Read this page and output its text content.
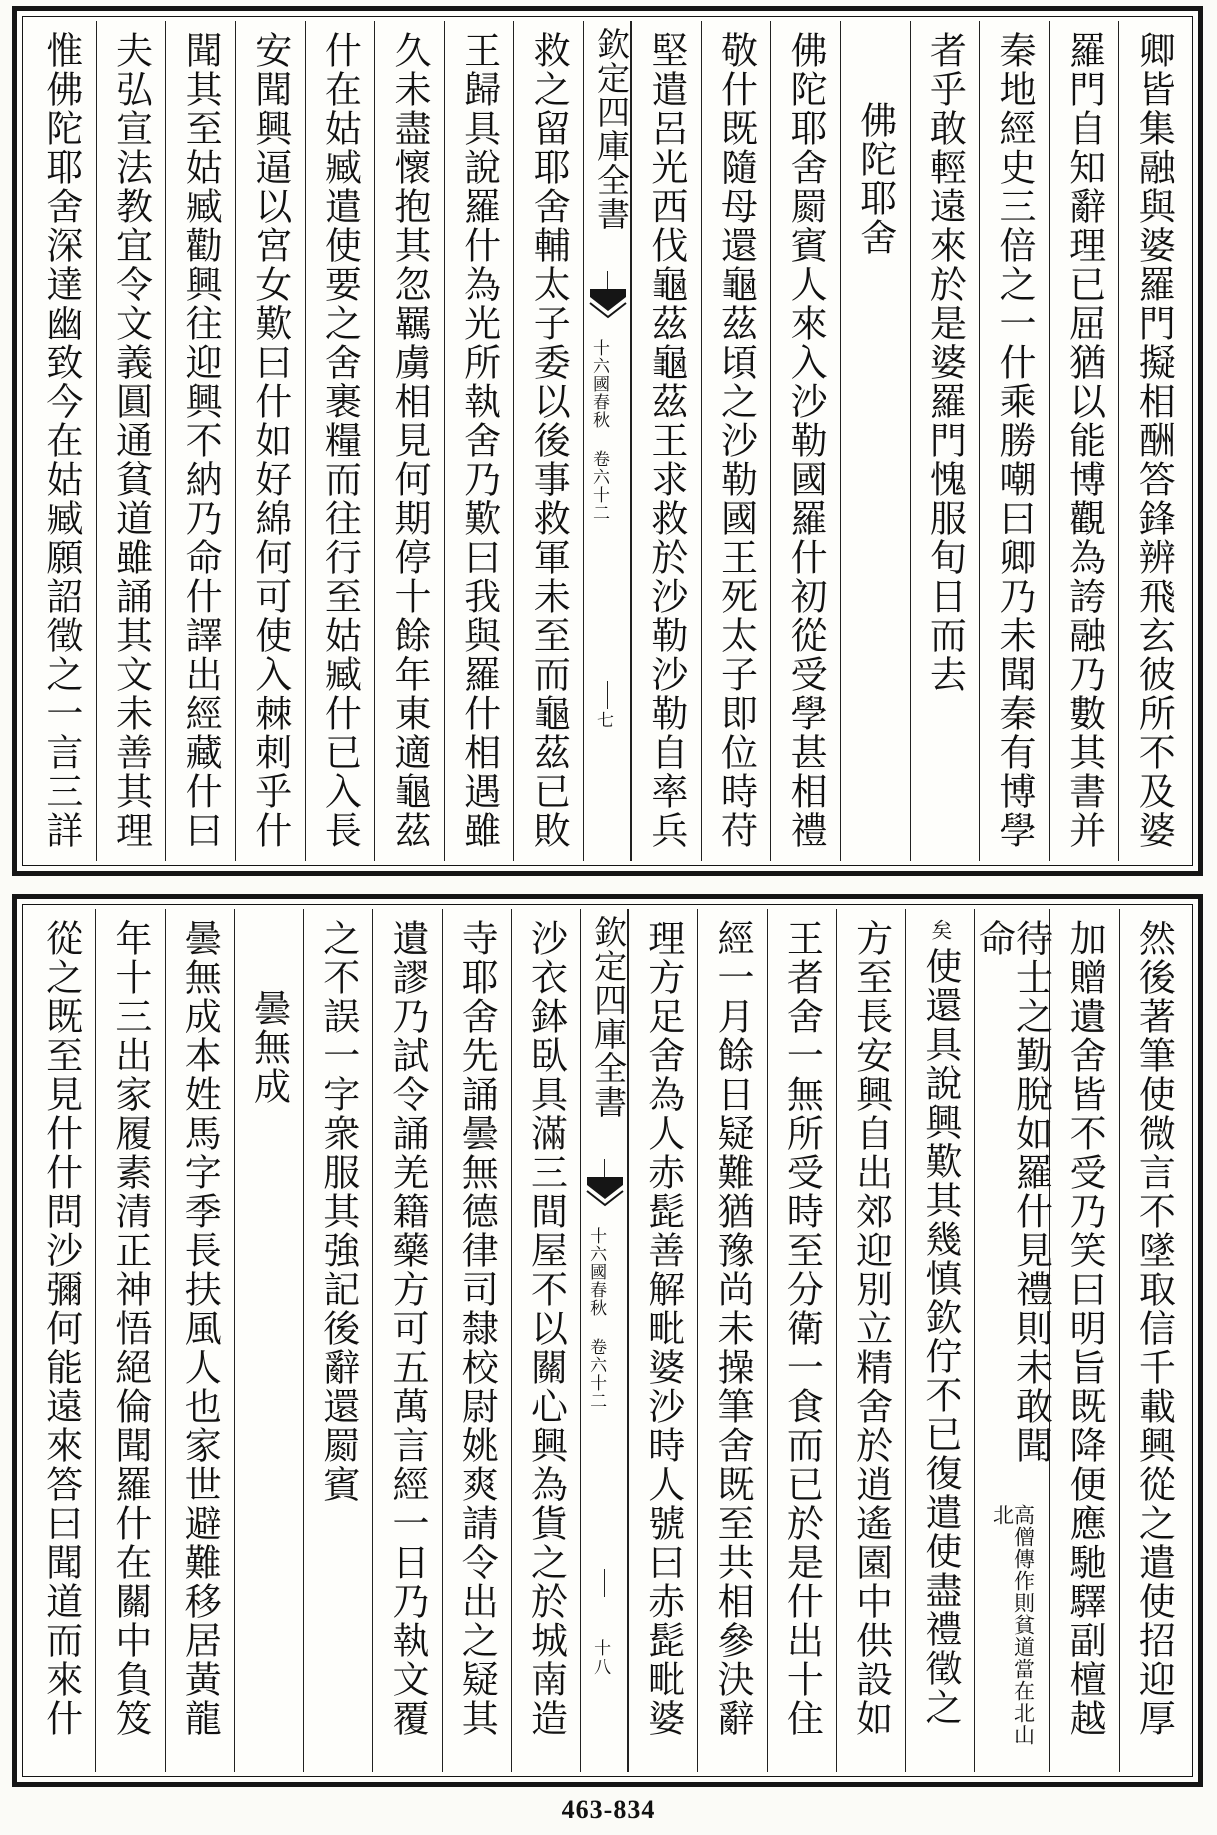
卿皆集融與婆羅門擬相酬答鋒辨飛玄彼所不及婆
羅門自知辭理已屈猶以能博觀為誇融乃數其書并
秦地經史三倍之一什乘勝嘲曰卿乃未聞秦有博學
者乎敢輕遠來於是婆羅門愧服旬日而去
佛陀耶舍
佛陀耶舍罽賓人來入沙勒國羅什初從受學甚相禮
敬什既隨母還龜茲頃之沙勒國王死太子即位時苻
堅遣呂光西伐龜茲龜茲王求救於沙勒沙勒自率兵
欽定四庫全書
十六國春秋 卷六十二
七
救之留耶舍輔太子委以後事救軍未至而龜茲已敗
王歸具說羅什為光所執舍乃歎曰我與羅什相遇雖
久未盡懷抱其忽羈虜相見何期停十餘年東適龜茲
什在姑臧遣使要之舍裹糧而往行至姑臧什已入長
安聞興逼以宮女歎曰什如好綿何可使入棘刺乎什
聞其至姑臧勸興往迎興不納乃命什譯出經藏什曰
夫弘宣法教宜令文義圓通貧道雖誦其文未善其理
惟佛陀耶舍深達幽致今在姑臧願詔徵之一言三詳
然後著筆使微言不墜取信千載興從之遣使招迎厚
加贈遺舍皆不受乃笑曰明旨既降便應馳驛副檀越
待士之勤脫如羅什見禮則未敢聞命
高僧傳作則貧道當在北山北
矣
使還具說興歎其幾慎欽佇不已復遣使盡禮徵之
方至長安興自出郊迎別立精舍於逍遙園中供設如
王者舍一無所受時至分衛一食而已於是什出十住
經一月餘日疑難猶豫尚未操筆舍既至共相參決辭
理方足舍為人赤髭善解毗婆沙時人號曰赤髭毗婆
欽定四庫全書
十六國春秋 卷六十二
十八
沙衣鉢臥具滿三間屋不以關心興為貨之於城南造
寺耶舍先誦曇無德律司隸校尉姚爽請令出之疑其
遺謬乃試令誦羌籍藥方可五萬言經一日乃執文覆
之不誤一字衆服其強記後辭還罽賓
曇無成
曇無成本姓馬字季長扶風人也家世避難移居黃龍
年十三出家履素清正神悟絕倫聞羅什在關中負笈
從之既至見什什問沙彌何能遠來答曰聞道而來什
463-834
